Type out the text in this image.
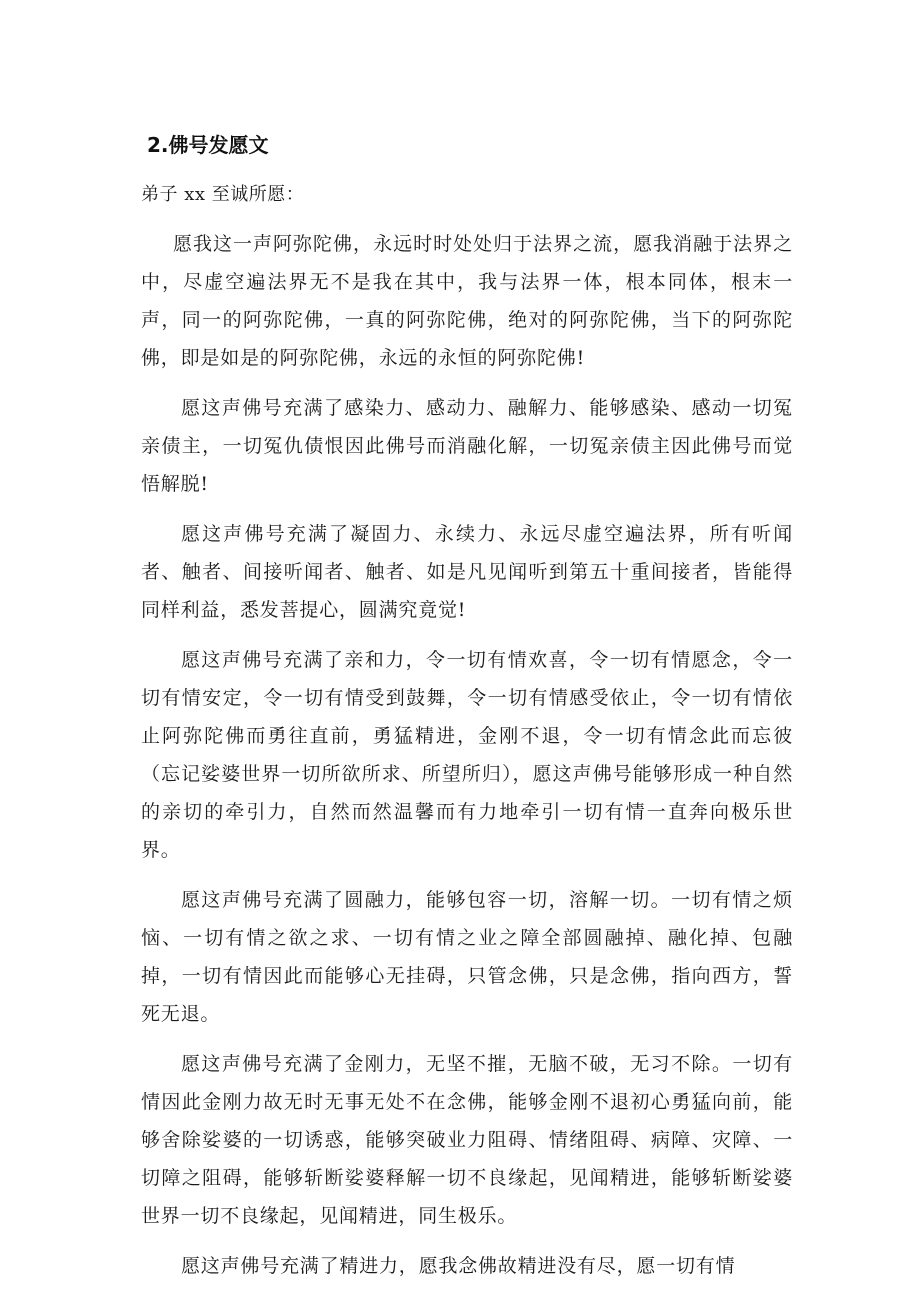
2.佛号发愿文
弟子 xx 至诚所愿：

愿我这一声阿弥陀佛，永远时时处处归于法界之流，愿我消融于法界之中，尽虚空遍法界无不是我在其中，我与法界一体，根本同体，根末一声，同一的阿弥陀佛，一真的阿弥陀佛，绝对的阿弥陀佛，当下的阿弥陀佛，即是如是的阿弥陀佛，永远的永恒的阿弥陀佛!

愿这声佛号充满了感染力、感动力、融解力、能够感染、感动一切冤亲债主，一切冤仇债恨因此佛号而消融化解，一切冤亲债主因此佛号而觉悟解脱!

愿这声佛号充满了凝固力、永续力、永远尽虚空遍法界，所有听闻者、触者、间接听闻者、触者、如是凡见闻听到第五十重间接者，皆能得同样利益，悉发菩提心，圆满究竟觉!

愿这声佛号充满了亲和力，令一切有情欢喜，令一切有情愿念，令一切有情安定，令一切有情受到鼓舞，令一切有情感受依止，令一切有情依止阿弥陀佛而勇往直前，勇猛精进，金刚不退，令一切有情念此而忘彼（忘记娑婆世界一切所欲所求、所望所归），愿这声佛号能够形成一种自然的亲切的牵引力，自然而然温馨而有力地牵引一切有情一直奔向极乐世界。

愿这声佛号充满了圆融力，能够包容一切，溶解一切。一切有情之烦恼、一切有情之欲之求、一切有情之业之障全部圆融掉、融化掉、包融掉，一切有情因此而能够心无挂碍，只管念佛，只是念佛，指向西方，誓死无退。

愿这声佛号充满了金刚力，无坚不摧，无脑不破，无习不除。一切有情因此金刚力故无时无事无处不在念佛，能够金刚不退初心勇猛向前，能够舍除娑婆的一切诱惑，能够突破业力阻碍、情绪阻碍、病障、灾障、一切障之阻碍，能够斩断娑婆释解一切不良缘起，见闻精进，能够斩断娑婆世界一切不良缘起，见闻精进，同生极乐。

愿这声佛号充满了精进力，愿我念佛故精进没有尽，愿一切有情
